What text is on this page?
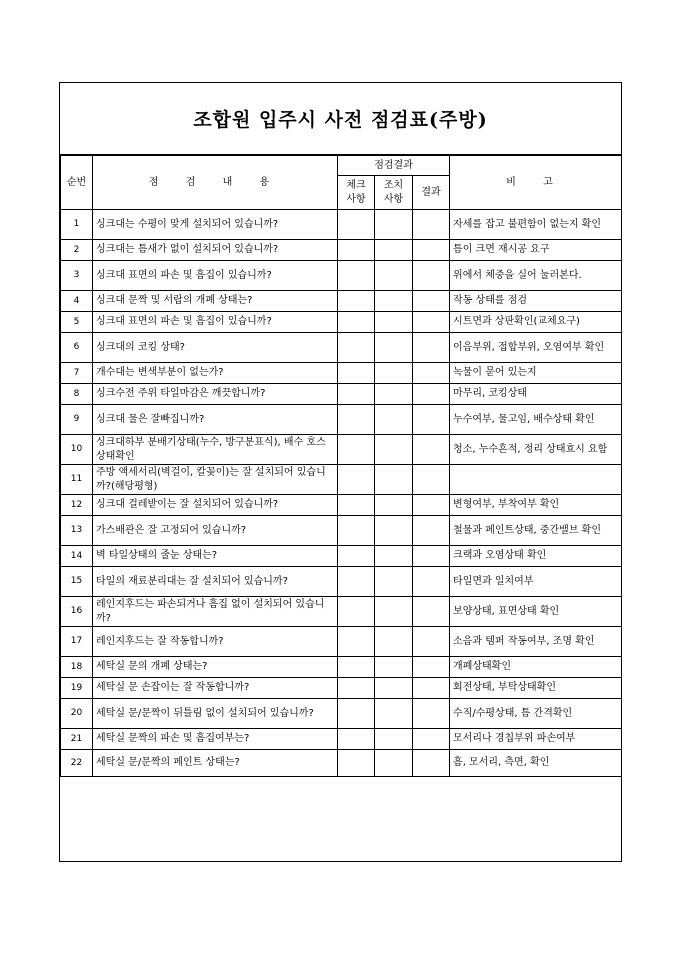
조합원 입주시 사전 점검표(주방)
순번	점 검 내 용	점검결과			비 고
		체크 사항	조치 사항	결과	
1	싱크대는 수평이 맞게 설치되어 있습니까?				자세를 잡고 불편함이 없는지 확인
2	싱크대는 틈새가 없이 설치되어 있습니까?				틈이 크면 재시공 요구
3	싱크대 표면의 파손 및 흠집이 있습니까?				위에서 체중을 실어 눌러본다.
4	싱크대 문짝 및 서랍의 개폐 상태는?				작동 상태를 점검
5	싱크대 표면의 파손 및 흠집이 있습니까?				시트면과 상판확인(교체요구)
6	싱크대의 코킹 상태?				이음부위, 접합부위, 오염여부 확인
7	개수대는 변색부분이 없는가?				녹물이 묻어 있는지
8	싱크수전 주위 타일마감은 깨끗합니까?				마무리, 코킹상태
9	싱크대 물은 잘빠집니까?				누수여부, 물고임, 배수상태 확인
10	싱크대하부 분배기상태(누수, 방구분표식), 배수 호스상태확인				청소, 누수흔적, 정리 상태효시 요함
11	주방 액세서리(벽걸이, 칼꽂이)는 잘 설치되어 있습니까?(해당평형)				
12	싱크대 걸레받이는 잘 설치되어 있습니까?				변형여부, 부착여부 확인
13	가스배관은 잘 고정되어 있습니까?				철물과 페인트상태, 중간밸브 확인
14	벽 타일상태의 줄눈 상태는?				크랙과 오염상태 확인
15	타일의 재료분리대는 잘 설치되어 있습니까?				타일면과 일치여부
16	레인지후드는 파손되거나 흠집 없이 설치되어 있습니까?				보양상태, 표면상태 확인
17	레인지후드는 잘 작동합니까?				소음과 템퍼 작동여부, 조명 확인
18	세탁실 문의 개폐 상태는?				개폐상태확인
19	세탁실 문 손잡이는 잘 작동합니까?				회전상태, 부탁상태확인
20	세탁실 문/문짝이 뒤틀림 없이 설치되어 있습니까?				수직/수평상태, 틈 간격확인
21	세탁실 문짝의 파손 및 흠집여부는?				모서리나 경칩부위 파손여부
22	세탁실 문/문짝의 페인트 상태는?				흠, 모서리, 측면, 확인
